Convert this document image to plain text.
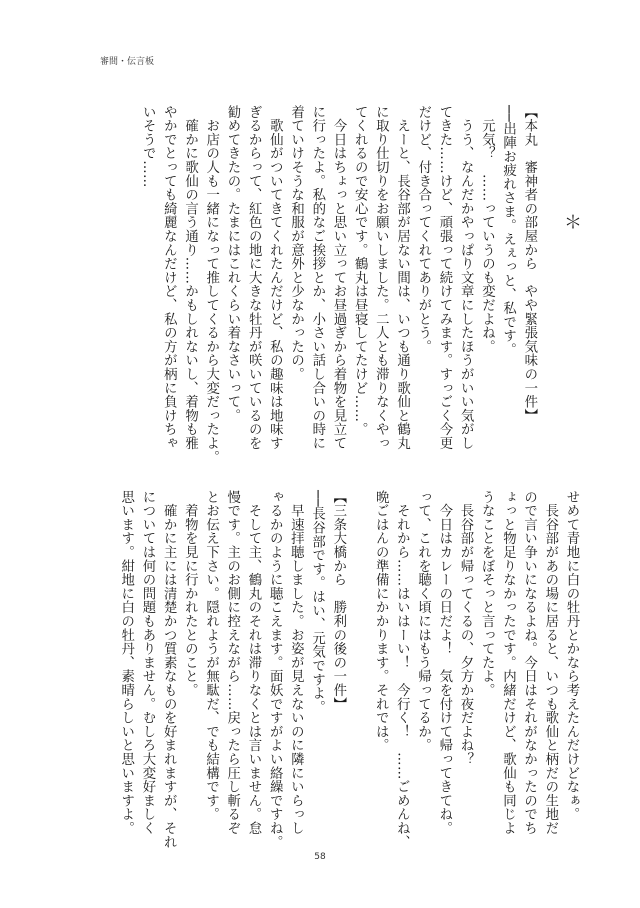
審間・伝言板
＊
【本丸　審神者の部屋から　やや緊張気味の一件】
──出陣お疲れさま。えぇっと、私です。
　元気？　……っていうのも変だよね。
　うう、なんだかやっぱり文章にしたほうがいい気がし
てきた……けど、頑張って続けてみます。すっごく今更
だけど、付き合ってくれてありがとう。
　えーと、長谷部が居ない間は、いつも通り歌仙と鶴丸
に取り仕切りをお願いしました。二人とも滞りなくやっ
てくれるので安心です。鶴丸は昼寝してたけど……。
　今日はちょっと思い立ってお昼過ぎから着物を見立て
に行ったよ。私的なご挨拶とか、小さい話し合いの時に
着ていけそうな和服が意外と少なかったの。
　歌仙がついてきてくれたんだけど、私の趣味は地味す
ぎるからって、紅色の地に大きな牡丹が咲いているのを
勧めてきたの。たまにはこれくらい着なさいって。
　お店の人も一緒になって推してくるから大変だったよ。
　確かに歌仙の言う通り……かもしれないし、着物も雅
やかでとっても綺麗なんだけど、私の方が柄に負けちゃ
いそうで……
せめて青地に白の牡丹とかなら考えたんだけどなぁ。
　長谷部があの場に居ると、いつも歌仙と柄だの生地だ
ので言い争いになるよね。今日はそれがなかったのでち
ょっと物足りなかったです。内緒だけど、歌仙も同じよ
うなことをぼそっと言ってたよ。
　長谷部が帰ってくるの、夕方か夜だよね？
　今日はカレーの日だよ！　気を付けて帰ってきてね。
って、これを聴く頃にはもう帰ってるか。
　それから……はいはーい！　今行く！　……ごめんね、
晩ごはんの準備にかかります。それでは。

【三条大橋から　勝利の後の一件】
──長谷部です。はい、元気ですよ。
　早速拝聴しました。お姿が見えないのに隣にいらっし
ゃるかのように聴こえます。面妖ですがよい絡繰ですね。
　そして主、鶴丸のそれは滞りなくとは言いません。怠
慢です。主のお側に控えながら……戻ったら圧し斬るぞ
とお伝え下さい。隠れようが無駄だ、でも結構です。
　着物を見に行かれたとのこと。
　確かに主には清楚かつ質素なものを好まれますが、それ
については何の問題もありません。むしろ大変好ましく
思います。紺地に白の牡丹、素晴らしいと思いますよ。
58
